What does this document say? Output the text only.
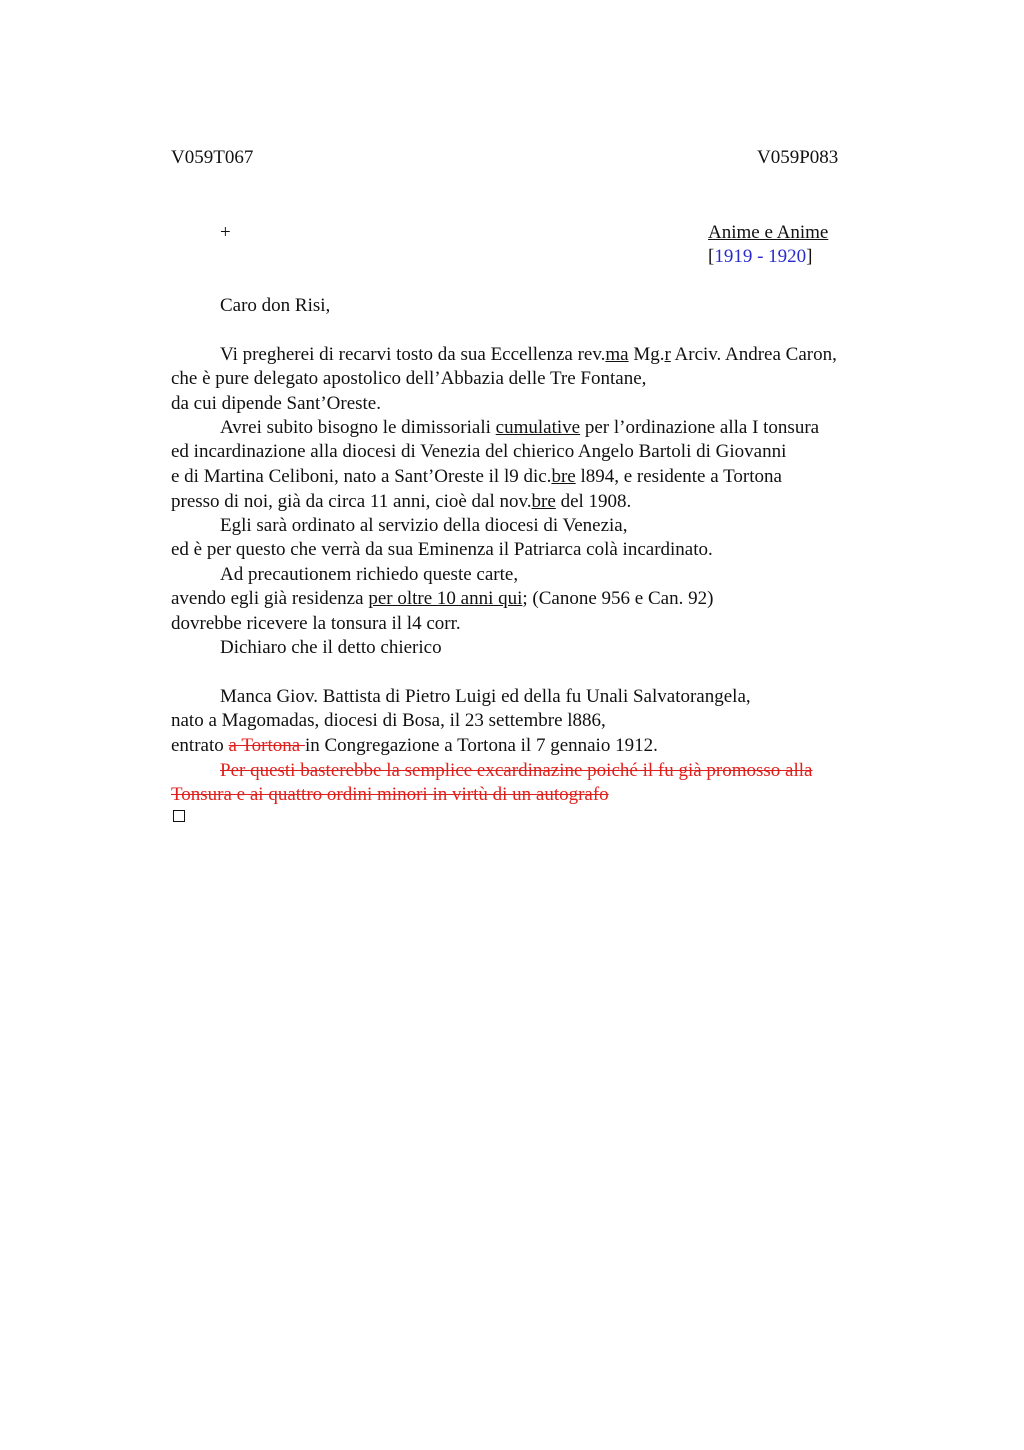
V059T067	V059P083
+	Anime e Anime
[1919 - 1920]
Caro don Risi,
Vi pregherei di recarvi tosto da sua Eccellenza rev.ma Mg.r Arciv. Andrea Caron,
che è pure delegato apostolico dell’Abbazia delle Tre Fontane,
da cui dipende Sant’Oreste.
Avrei subito bisogno le dimissoriali cumulative per l’ordinazione alla I tonsura
ed incardinazione alla diocesi di Venezia del chierico Angelo Bartoli di Giovanni
e di Martina Celiboni, nato a Sant’Oreste il l9 dic.bre l894, e residente a Tortona
presso di noi, già da circa 11 anni, cioè dal nov.bre del 1908.
Egli sarà ordinato al servizio della diocesi di Venezia,
ed è per questo che verrà da sua Eminenza il Patriarca colà incardinato.
Ad precautionem richiedo queste carte,
avendo egli già residenza per oltre 10 anni qui; (Canone 956 e Can. 92)
dovrebbe ricevere la tonsura il l4 corr.
Dichiaro che il detto chierico
Manca Giov. Battista di Pietro Luigi ed della fu Unali Salvatorangela,
nato a Magomadas, diocesi di Bosa, il 23 settembre l886,
entrato a Tortona in Congregazione a Tortona il 7 gennaio 1912.
Per questi basterebbe la semplice excardinazine poiché il fu già promosso alla
Tonsura e ai quattro ordini minori in virtù di un autografo
